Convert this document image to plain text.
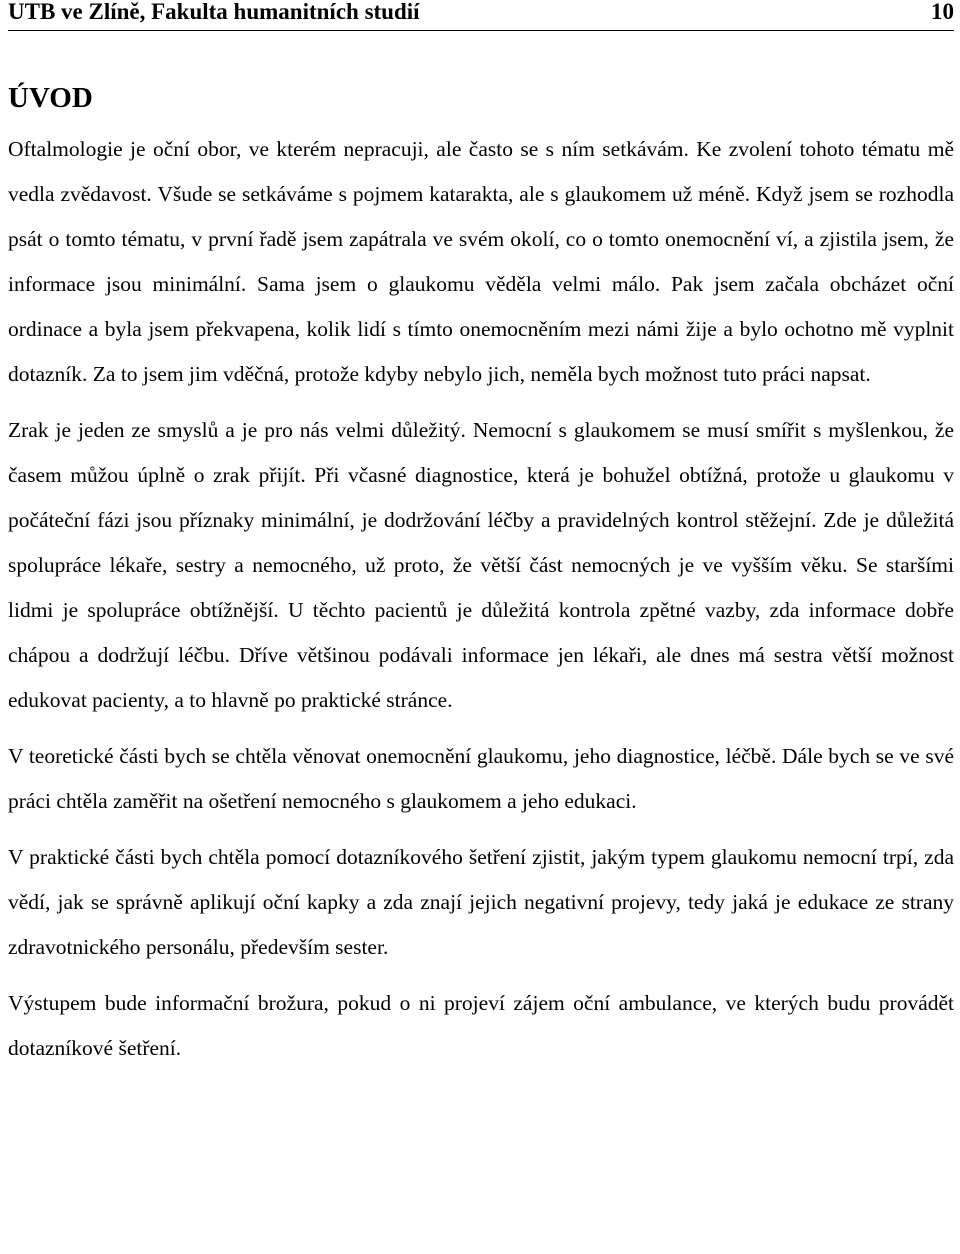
UTB ve Zlíně, Fakulta humanitních studií	10
ÚVOD

Oftalmologie je oční obor, ve kterém nepracuji, ale často se s ním setkávám. Ke zvolení tohoto tématu mě vedla zvědavost. Všude se setkáváme s pojmem katarakta, ale s glaukomem už méně. Když jsem se rozhodla psát o tomto tématu, v první řadě jsem zapátrala ve svém okolí, co o tomto onemocnění ví, a zjistila jsem, že informace jsou minimální. Sama jsem o glaukomu věděla velmi málo. Pak jsem začala obcházet oční ordinace a byla jsem překvapena, kolik lidí s tímto onemocněním mezi námi žije a bylo ochotno mě vyplnit dotazník. Za to jsem jim vděčná, protože kdyby nebylo jich, neměla bych možnost tuto práci napsat.

Zrak je jeden ze smyslů a je pro nás velmi důležitý. Nemocní s glaukomem se musí smířit s myšlenkou, že časem můžou úplně o zrak přijít. Při včasné diagnostice, která je bohužel obtížná, protože u glaukomu v počáteční fázi jsou příznaky minimální, je dodržování léčby a pravidelných kontrol stěžejní. Zde je důležitá spolupráce lékaře, sestry a nemocného, už proto, že větší část nemocných je ve vyšším věku. Se staršími lidmi je spolupráce obtížnější. U těchto pacientů je důležitá kontrola zpětné vazby, zda informace dobře chápou a dodržují léčbu. Dříve většinou podávali informace jen lékaři, ale dnes má sestra větší možnost edukovat pacienty, a to hlavně po praktické stránce.

V teoretické části bych se chtěla věnovat onemocnění glaukomu, jeho diagnostice, léčbě. Dále bych se ve své práci chtěla zaměřit na ošetření nemocného s glaukomem a jeho edukaci.

V praktické části bych chtěla pomocí dotazníkového šetření zjistit, jakým typem glaukomu nemocní trpí, zda vědí, jak se správně aplikují oční kapky a zda znají jejich negativní projevy, tedy jaká je edukace ze strany zdravotnického personálu, především sester.

Výstupem bude informační brožura, pokud o ni projeví zájem oční ambulance, ve kterých budu provádět dotazníkové šetření.
